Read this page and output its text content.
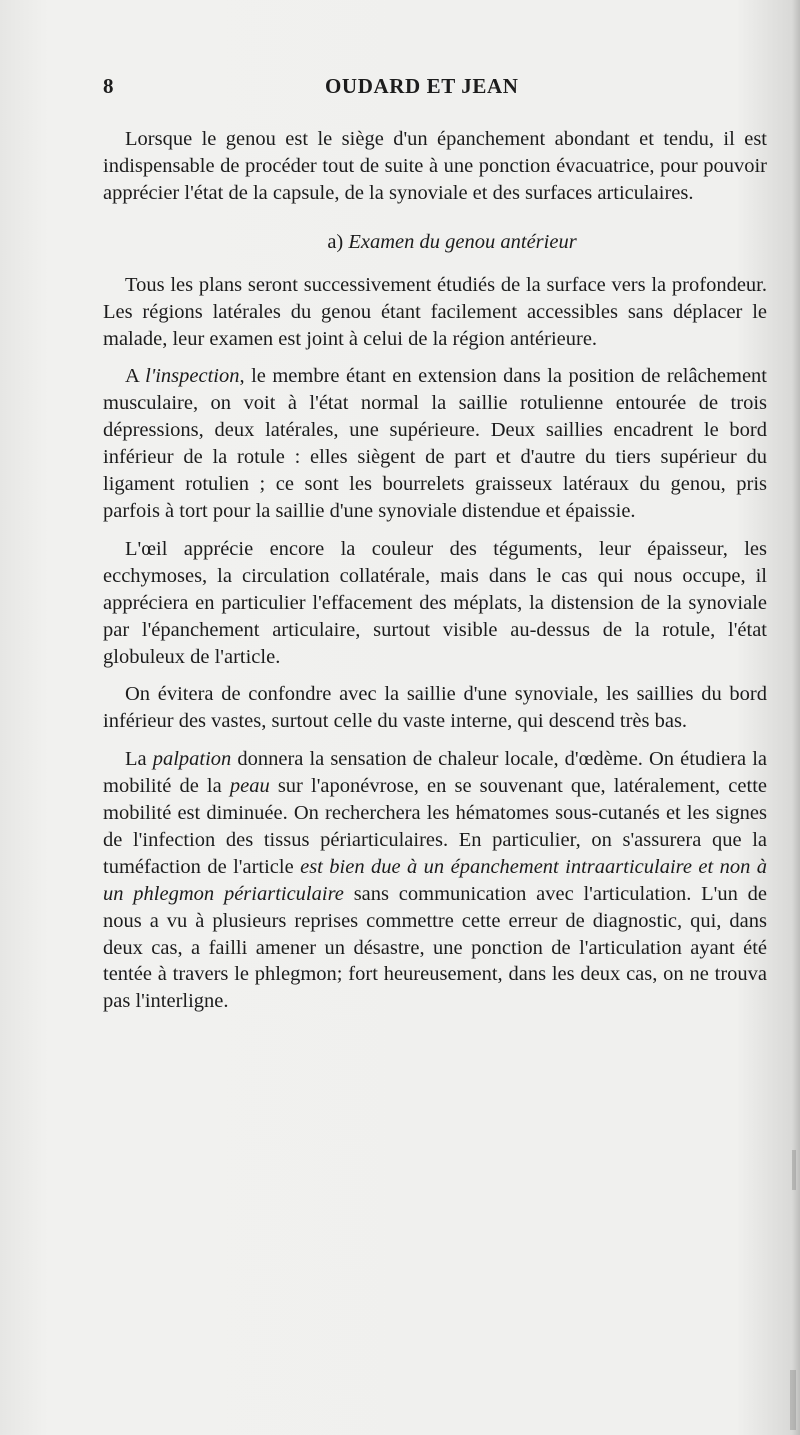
8	OUDARD ET JEAN

Lorsque le genou est le siège d'un épanchement abondant et tendu, il est indispensable de procéder tout de suite à une ponction évacuatrice, pour pouvoir apprécier l'état de la capsule, de la synoviale et des surfaces articulaires.

a) Examen du genou antérieur

Tous les plans seront successivement étudiés de la surface vers la profondeur. Les régions latérales du genou étant facilement accessibles sans déplacer le malade, leur examen est joint à celui de la région antérieure.

A l'inspection, le membre étant en extension dans la position de relâchement musculaire, on voit à l'état normal la saillie rotulienne entourée de trois dépressions, deux latérales, une supérieure. Deux saillies encadrent le bord inférieur de la rotule : elles siègent de part et d'autre du tiers supérieur du ligament rotulien ; ce sont les bourrelets graisseux latéraux du genou, pris parfois à tort pour la saillie d'une synoviale distendue et épaissie.

L'œil apprécie encore la couleur des téguments, leur épaisseur, les ecchymoses, la circulation collatérale, mais dans le cas qui nous occupe, il appréciera en particulier l'effacement des méplats, la distension de la synoviale par l'épanchement articulaire, surtout visible au-dessus de la rotule, l'état globuleux de l'article.

On évitera de confondre avec la saillie d'une synoviale, les saillies du bord inférieur des vastes, surtout celle du vaste interne, qui descend très bas.

La palpation donnera la sensation de chaleur locale, d'œdème. On étudiera la mobilité de la peau sur l'aponévrose, en se souvenant que, latéralement, cette mobilité est diminuée. On recherchera les hématomes sous-cutanés et les signes de l'infection des tissus périarticulaires. En particulier, on s'assurera que la tuméfaction de l'article est bien due à un épanchement intraarticulaire et non à un phlegmon périarticulaire sans communication avec l'articulation. L'un de nous a vu à plusieurs reprises commettre cette erreur de diagnostic, qui, dans deux cas, a failli amener un désastre, une ponction de l'articulation ayant été tentée à travers le phlegmon; fort heureusement, dans les deux cas, on ne trouva pas l'interligne.
